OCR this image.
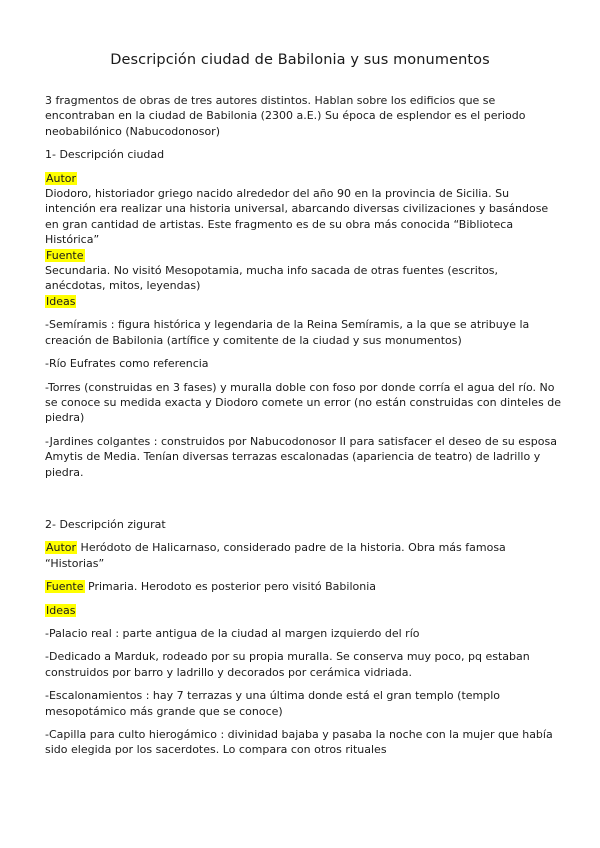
Descripción ciudad de Babilonia y sus monumentos

3 fragmentos de obras de tres autores distintos. Hablan sobre los edificios que se encontraban en la ciudad de Babilonia (2300 a.E.) Su época de esplendor es el periodo neobabilónico (Nabucodonosor)

1- Descripción ciudad

Autor
Diodoro, historiador griego nacido alrededor del año 90 en la provincia de Sicilia. Su intención era realizar una historia universal, abarcando diversas civilizaciones y basándose en gran cantidad de artistas. Este fragmento es de su obra más conocida “Biblioteca Histórica”
Fuente
Secundaria. No visitó Mesopotamia, mucha info sacada de otras fuentes (escritos, anécdotas, mitos, leyendas)
Ideas

-Semíramis : figura histórica y legendaria de la Reina Semíramis, a la que se atribuye la creación de Babilonia (artífice y comitente de la ciudad y sus monumentos)

-Río Eufrates como referencia

-Torres (construidas en 3 fases) y muralla doble con foso por donde corría el agua del río. No se conoce su medida exacta y Diodoro comete un error (no están construidas con dinteles de piedra)

-Jardines colgantes : construidos por Nabucodonosor II para satisfacer el deseo de su esposa Amytis de Media. Tenían diversas terrazas escalonadas (apariencia de teatro) de ladrillo y piedra.

2- Descripción zigurat

Autor Heródoto de Halicarnaso, considerado padre de la historia. Obra más famosa “Historias”

Fuente Primaria. Herodoto es posterior pero visitó Babilonia

Ideas

-Palacio real : parte antigua de la ciudad al margen izquierdo del río

-Dedicado a Marduk, rodeado por su propia muralla. Se conserva muy poco, pq estaban construidos por barro y ladrillo y decorados por cerámica vidriada.

-Escalonamientos : hay 7 terrazas y una última donde está el gran templo (templo mesopotámico más grande que se conoce)

-Capilla para culto hierogámico : divinidad bajaba y pasaba la noche con la mujer que había sido elegida por los sacerdotes. Lo compara con otros rituales
